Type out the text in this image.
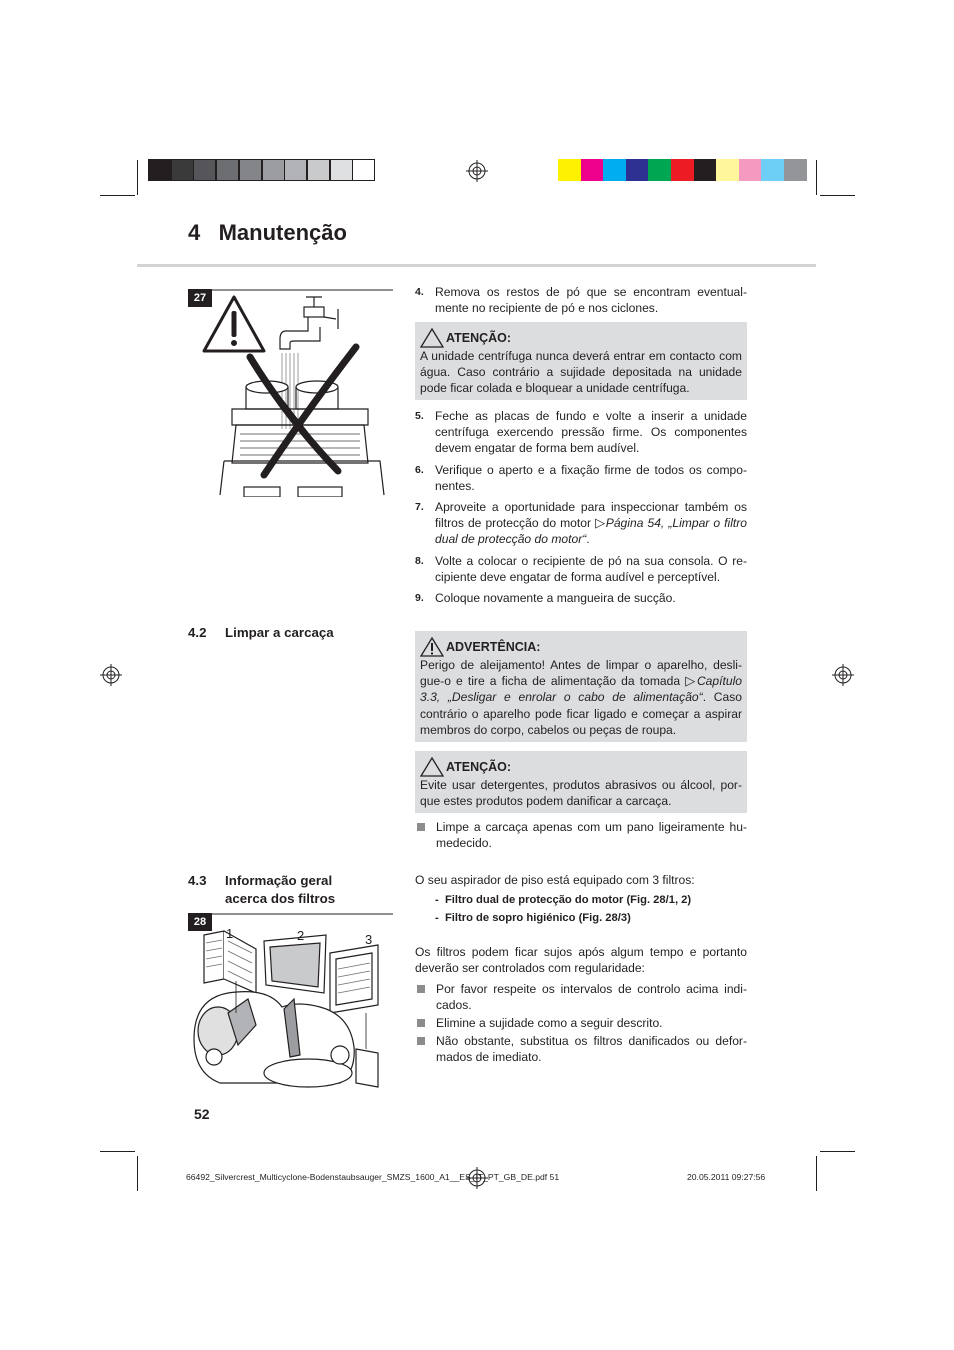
4 Manutenção
27	4. Remova os restos de pó que se encontram eventualmente no recipiente de pó e nos ciclones.
ATENÇÃO:
A unidade centrífuga nunca deverá entrar em contacto com água. Caso contrário a sujidade depositada na unidade pode ficar colada e bloquear a unidade centrífuga.
5. Feche as placas de fundo e volte a inserir a unidade centrífuga exercendo pressão firme. Os componentes devem engatar de forma bem audível.
6. Verifique o aperto e a fixação firme de todos os componentes.
7. Aproveite a oportunidade para inspeccionar também os filtros de protecção do motor ▷Página 54, „Limpar o filtro dual de protecção do motor“.
8. Volte a colocar o recipiente de pó na sua consola. O recipiente deve engatar de forma audível e perceptível.
9. Coloque novamente a mangueira de sucção.
4.2 Limpar a carcaça
ADVERTÊNCIA:
Perigo de aleijamento! Antes de limpar o aparelho, desligue-o e tire a ficha de alimentação da tomada ▷Capítulo 3.3, „Desligar e enrolar o cabo de alimentação“. Caso contrário o aparelho pode ficar ligado e começar a aspirar membros do corpo, cabelos ou peças de roupa.
ATENÇÃO:
Evite usar detergentes, produtos abrasivos ou álcool, porque estes produtos podem danificar a carcaça.
Limpe a carcaça apenas com um pano ligeiramente humedecido.
4.3 Informação geral
acerca dos filtros
O seu aspirador de piso está equipado com 3 filtros:
-  Filtro dual de protecção do motor (Fig. 28/1, 2)
-  Filtro de sopro higiénico (Fig. 28/3)
Os filtros podem ficar sujos após algum tempo e portanto deverão ser controlados com regularidade:
Por favor respeite os intervalos de controlo acima indicados.
Elimine a sujidade como a seguir descrito.
Não obstante, substitua os filtros danificados ou deformados de imediato.
28
1	2	3
52
66492_Silvercrest_Multicyclone-Bodenstaubsauger_SMZS_1600_A1__ES_IT_PT_GB_DE.pdf 51	20.05.2011 09:27:56
